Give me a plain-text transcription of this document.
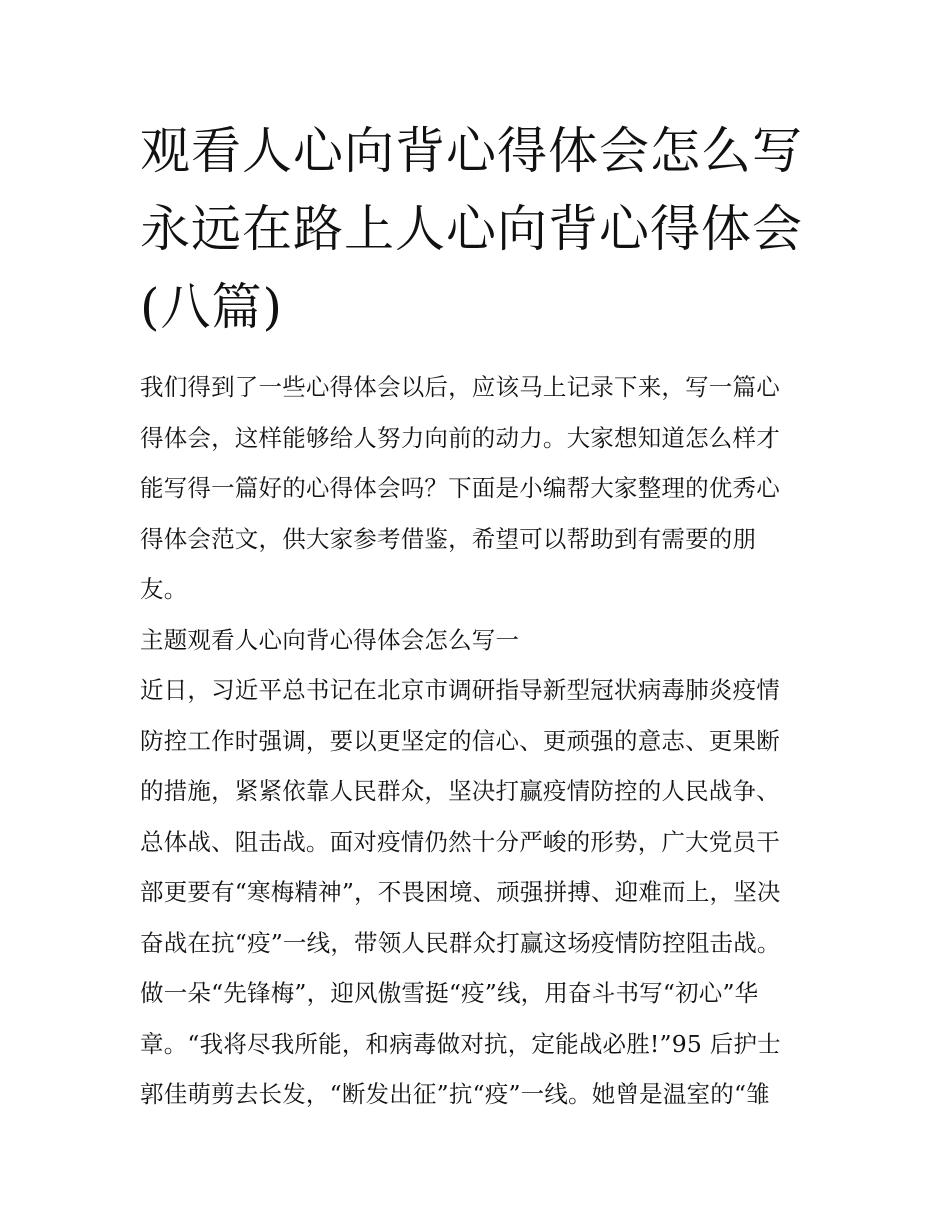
观看人心向背心得体会怎么写
永远在路上人心向背心得体会
(八篇)
我们得到了一些心得体会以后，应该马上记录下来，写一篇心
得体会，这样能够给人努力向前的动力。大家想知道怎么样才
能写得一篇好的心得体会吗？下面是小编帮大家整理的优秀心
得体会范文，供大家参考借鉴，希望可以帮助到有需要的朋
友。
主题观看人心向背心得体会怎么写一
近日，习近平总书记在北京市调研指导新型冠状病毒肺炎疫情
防控工作时强调，要以更坚定的信心、更顽强的意志、更果断
的措施，紧紧依靠人民群众，坚决打赢疫情防控的人民战争、
总体战、阻击战。面对疫情仍然十分严峻的形势，广大党员干
部更要有“寒梅精神”，不畏困境、顽强拼搏、迎难而上，坚决
奋战在抗“疫”一线，带领人民群众打赢这场疫情防控阻击战。
做一朵“先锋梅”，迎风傲雪挺“疫”线，用奋斗书写“初心”华
章。“我将尽我所能，和病毒做对抗，定能战必胜!”95 后护士
郭佳萌剪去长发，“断发出征”抗“疫”一线。她曾是温室的“雏
